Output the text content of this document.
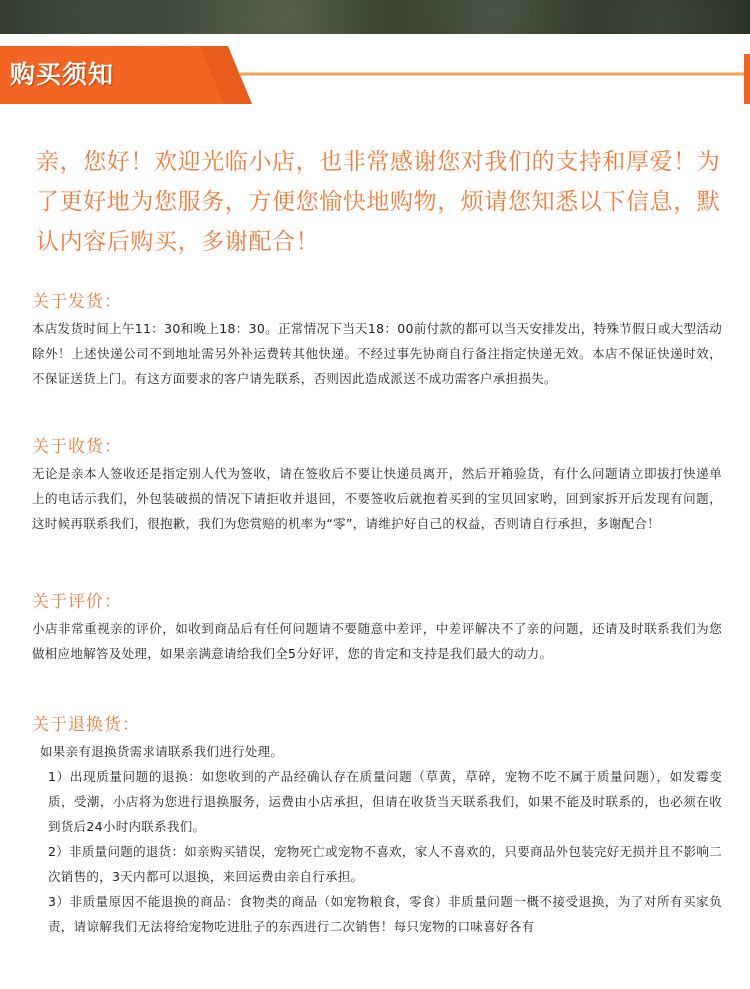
购买须知
亲，您好！欢迎光临小店，也非常感谢您对我们的支持和厚爱！为了更好地为您服务，方便您愉快地购物，烦请您知悉以下信息，默认内容后购买，多谢配合！
关于发货：
本店发货时间上午11：30和晚上18：30。正常情况下当天18：00前付款的都可以当天安排发出，特殊节假日或大型活动除外！上述快递公司不到地址需另外补运费转其他快递。不经过事先协商自行备注指定快递无效。本店不保证快递时效，不保证送货上门。有这方面要求的客户请先联系，否则因此造成派送不成功需客户承担损失。
关于收货：
无论是亲本人签收还是指定别人代为签收，请在签收后不要让快递员离开，然后开箱验货，有什么问题请立即拔打快递单上的电话示我们，外包装破损的情况下请拒收并退回，不要签收后就抱着买到的宝贝回家哟，回到家拆开后发现有问题，这时候再联系我们，很抱歉，我们为您赏赔的机率为“零”，请维护好自己的权益，否则请自行承担，多谢配合！
关于评价：
小店非常重视亲的评价，如收到商品后有任何问题请不要随意中差评，中差评解决不了亲的问题，还请及时联系我们为您做相应地解答及处理，如果亲满意请给我们全5分好评，您的肯定和支持是我们最大的动力。
关于退换货：

如果亲有退换货需求请联系我们进行处理。

1）出现质量问题的退换：如您收到的产品经确认存在质量问题（草黄，草碎，宠物不吃不属于质量问题），如发霉变质，受潮，小店将为您进行退换服务，运费由小店承担，但请在收货当天联系我们，如果不能及时联系的，也必须在收到货后24小时内联系我们。

2）非质量问题的退货：如亲购买错误，宠物死亡或宠物不喜欢，家人不喜欢的，只要商品外包装完好无损并且不影响二次销售的，3天内都可以退换，来回运费由亲自行承担。

3）非质量原因不能退换的商品：食物类的商品（如宠物粮食，零食）非质量问题一概不接受退换，为了对所有买家负责，请谅解我们无法将给宠物吃进肚子的东西进行二次销售！每只宠物的口味喜好各有
